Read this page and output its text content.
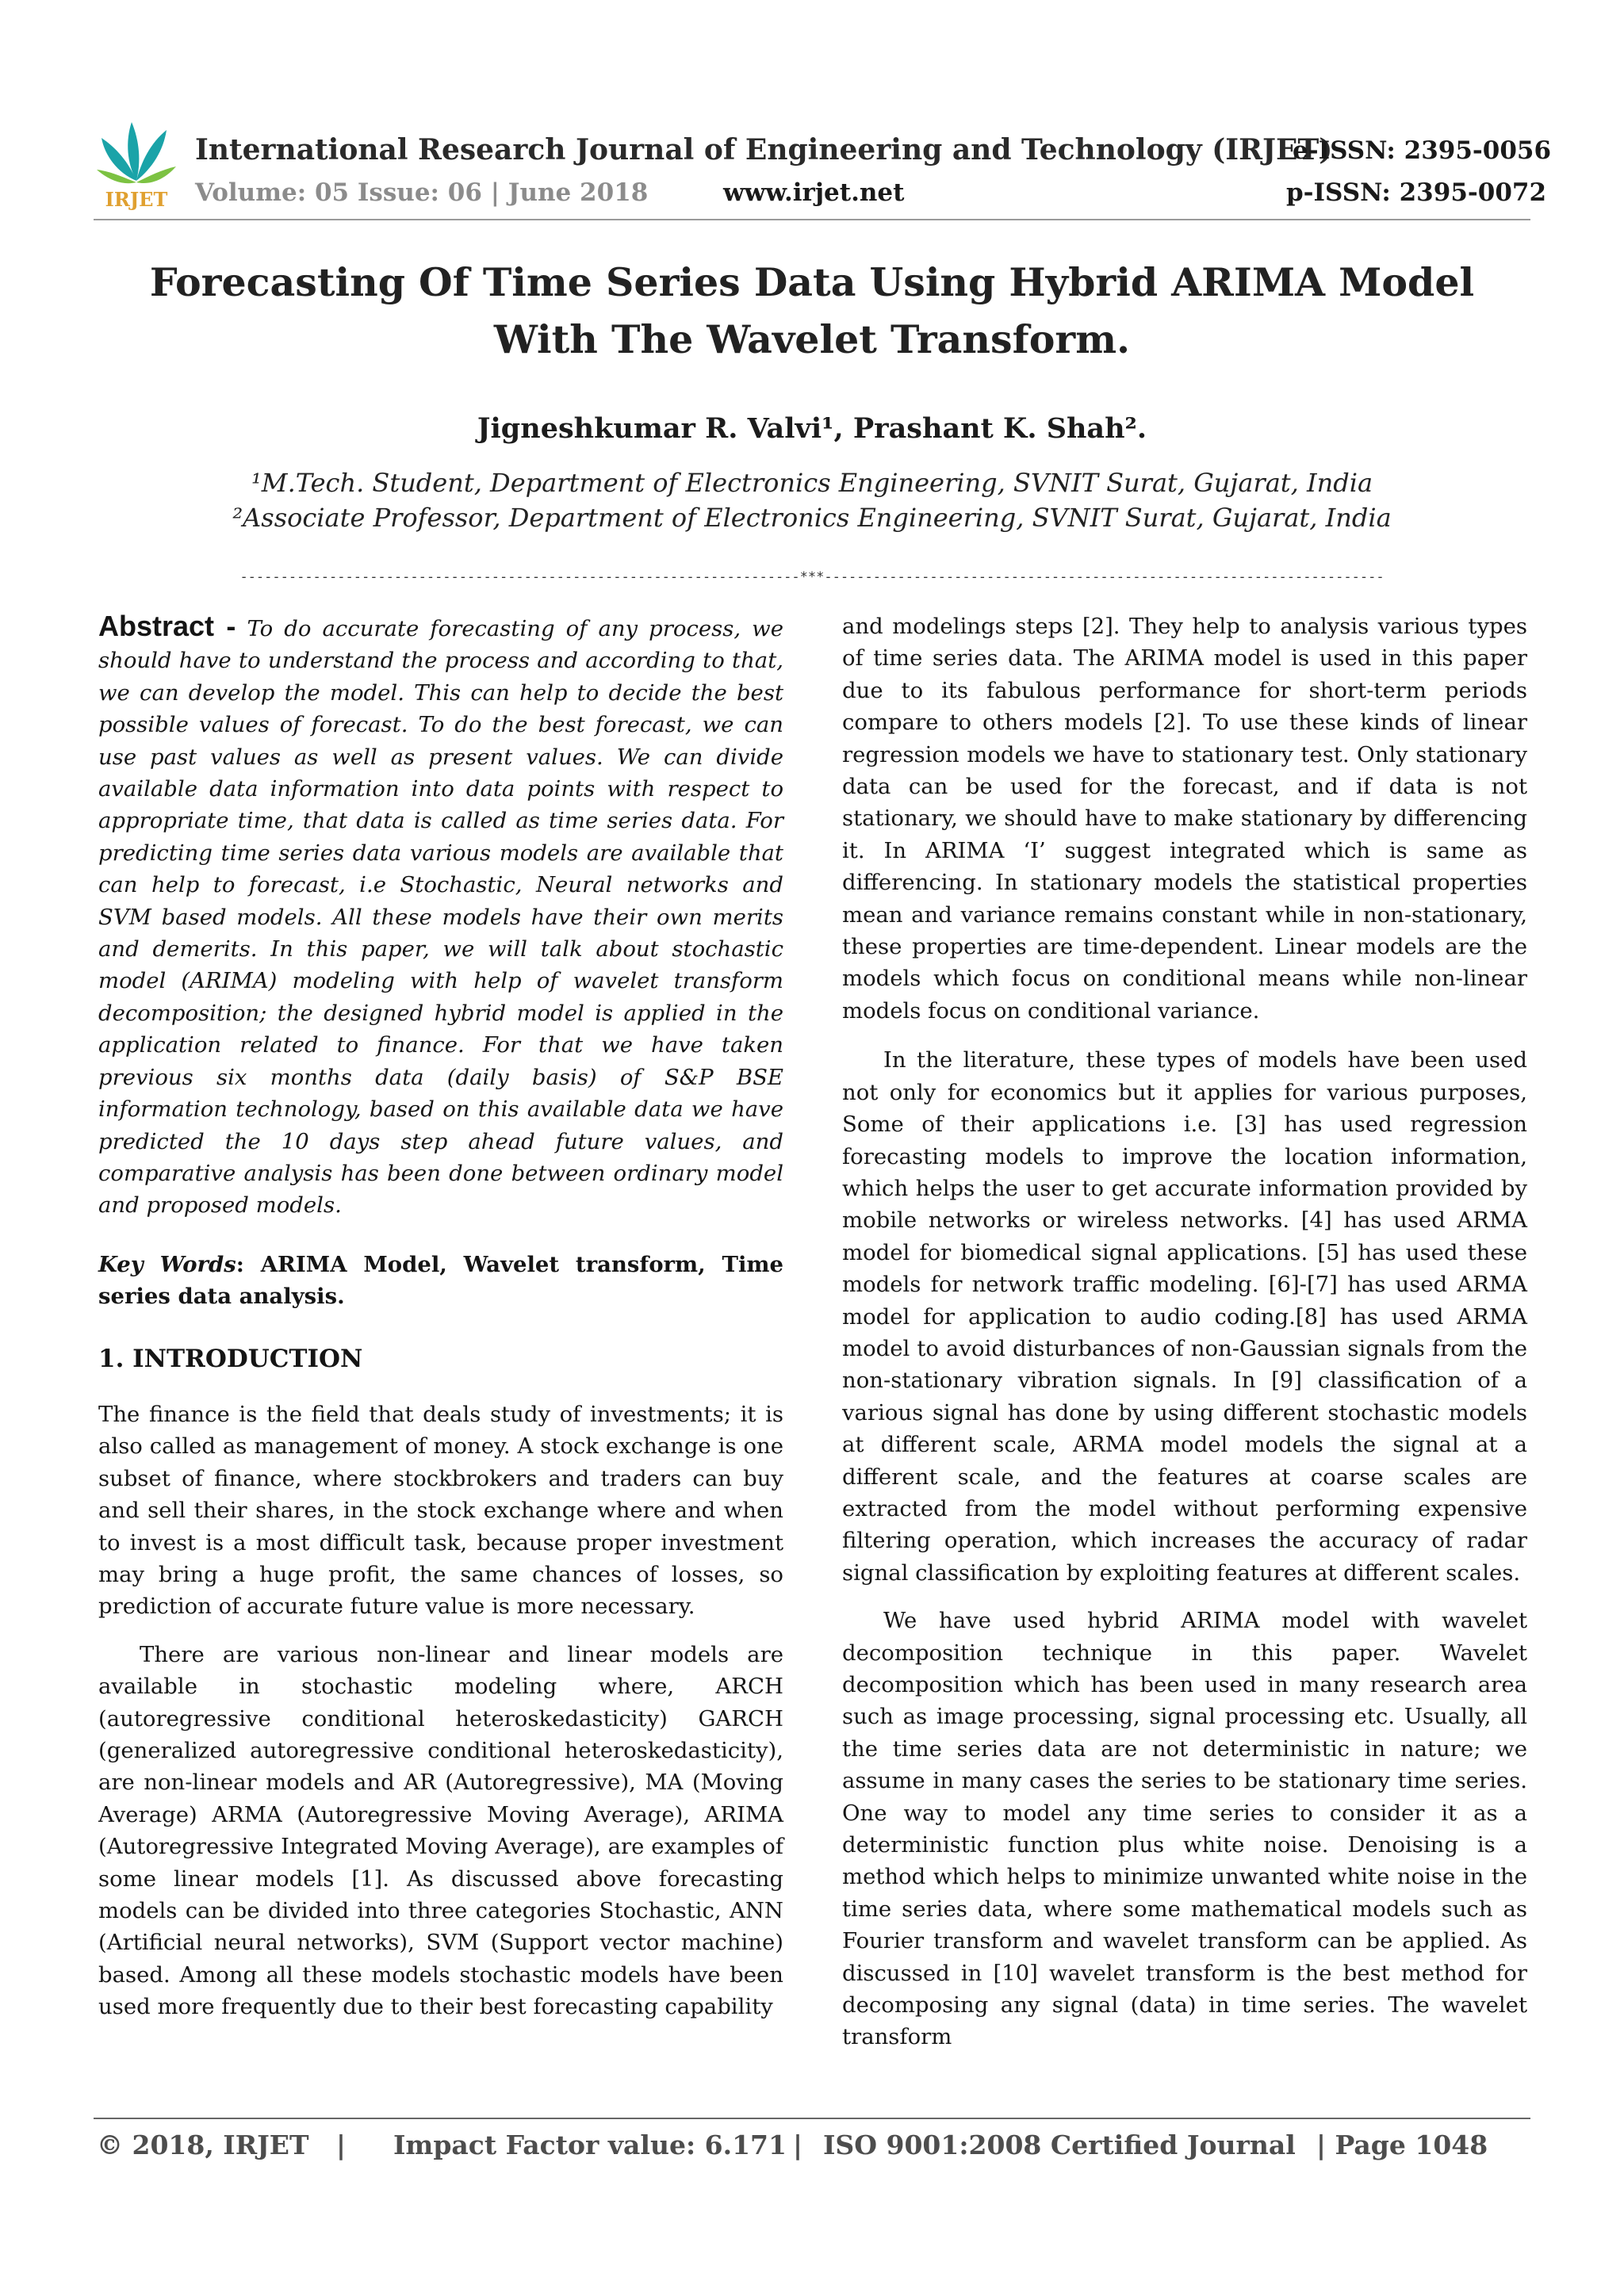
IRJET
International Research Journal of Engineering and Technology (IRJET)
e-ISSN: 2395-0056
Volume: 05 Issue: 06 | June 2018	www.irjet.net	p-ISSN: 2395-0072
Forecasting Of Time Series Data Using Hybrid ARIMA Model With The Wavelet Transform.
Jigneshkumar R. Valvi¹, Prashant K. Shah².
¹M.Tech. Student, Department of Electronics Engineering, SVNIT Surat, Gujarat, India
²Associate Professor, Department of Electronics Engineering, SVNIT Surat, Gujarat, India
---------------------------------------------------------------------***---------------------------------------------------------------------

Abstract - To do accurate forecasting of any process, we should have to understand the process and according to that, we can develop the model. This can help to decide the best possible values of forecast. To do the best forecast, we can use past values as well as present values. We can divide available data information into data points with respect to appropriate time, that data is called as time series data. For predicting time series data various models are available that can help to forecast, i.e Stochastic, Neural networks and SVM based models. All these models have their own merits and demerits. In this paper, we will talk about stochastic model (ARIMA) modeling with help of wavelet transform decomposition; the designed hybrid model is applied in the application related to finance. For that we have taken previous six months data (daily basis) of S&P BSE information technology, based on this available data we have predicted the 10 days step ahead future values, and comparative analysis has been done between ordinary model and proposed models.

Key Words: ARIMA Model, Wavelet transform, Time series data analysis.

1. INTRODUCTION

The finance is the field that deals study of investments; it is also called as management of money. A stock exchange is one subset of finance, where stockbrokers and traders can buy and sell their shares, in the stock exchange where and when to invest is a most difficult task, because proper investment may bring a huge profit, the same chances of losses, so prediction of accurate future value is more necessary.

There are various non-linear and linear models are available in stochastic modeling where, ARCH (autoregressive conditional heteroskedasticity) GARCH (generalized autoregressive conditional heteroskedasticity), are non-linear models and AR (Autoregressive), MA (Moving Average) ARMA (Autoregressive Moving Average), ARIMA (Autoregressive Integrated Moving Average), are examples of some linear models [1]. As discussed above forecasting models can be divided into three categories Stochastic, ANN (Artificial neural networks), SVM (Support vector machine) based. Among all these models stochastic models have been used more frequently due to their best forecasting capability

and modelings steps [2]. They help to analysis various types of time series data. The ARIMA model is used in this paper due to its fabulous performance for short-term periods compare to others models [2]. To use these kinds of linear regression models we have to stationary test. Only stationary data can be used for the forecast, and if data is not stationary, we should have to make stationary by differencing it. In ARIMA ‘I’ suggest integrated which is same as differencing. In stationary models the statistical properties mean and variance remains constant while in non-stationary, these properties are time-dependent. Linear models are the models which focus on conditional means while non-linear models focus on conditional variance.

In the literature, these types of models have been used not only for economics but it applies for various purposes, Some of their applications i.e. [3] has used regression forecasting models to improve the location information, which helps the user to get accurate information provided by mobile networks or wireless networks. [4] has used ARMA model for biomedical signal applications. [5] has used these models for network traffic modeling. [6]-[7] has used ARMA model for application to audio coding.[8] has used ARMA model to avoid disturbances of non-Gaussian signals from the non-stationary vibration signals. In [9] classification of a various signal has done by using different stochastic models at different scale, ARMA model models the signal at a different scale, and the features at coarse scales are extracted from the model without performing expensive filtering operation, which increases the accuracy of radar signal classification by exploiting features at different scales.

We have used hybrid ARIMA model with wavelet decomposition technique in this paper. Wavelet decomposition which has been used in many research area such as image processing, signal processing etc. Usually, all the time series data are not deterministic in nature; we assume in many cases the series to be stationary time series. One way to model any time series to consider it as a deterministic function plus white noise. Denoising is a method which helps to minimize unwanted white noise in the time series data, where some mathematical models such as Fourier transform and wavelet transform can be applied. As discussed in [10] wavelet transform is the best method for decomposing any signal (data) in time series. The wavelet transform

© 2018, IRJET | Impact Factor value: 6.171 | ISO 9001:2008 Certified Journal | Page 1048
